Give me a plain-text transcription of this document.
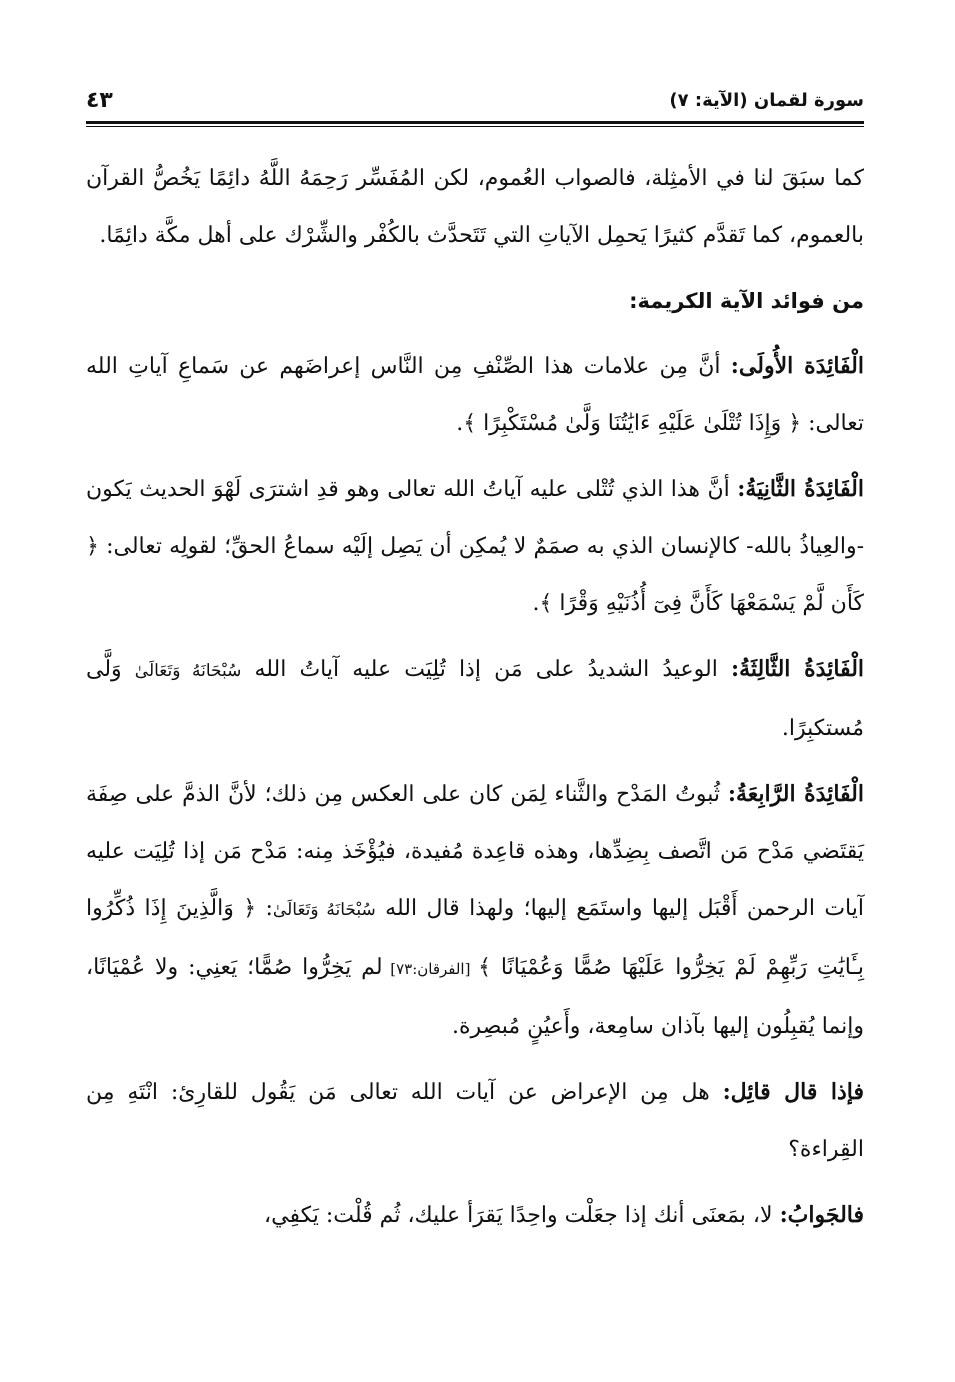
سورة لقمان (الآية: ٧)
٤٣

كما سبَقَ لنا في الأمثِلة، فالصواب العُموم، لكن المُفَسِّر رَحِمَهُ اللَّهُ دائِمًا يَخُصُّ القرآن بالعموم، كما تَقدَّم كثيرًا يَحمِل الآياتِ التي تَتَحدَّث بالكُفْر والشِّرْك على أهل مكَّة دائِمًا.

من فوائد الآية الكريمة:

الْفَائِدَة الأُولَى: أنَّ مِن علامات هذا الصِّنْفِ مِن النَّاس إعراضَهم عن سَماعِ آياتِ الله تعالى: ﴿ وَإِذَا تُتْلَىٰ عَلَيْهِ ءَايَٰتُنَا وَلَّىٰ مُسْتَكْبِرًا ﴾.

الْفَائِدَةُ الثَّانِيَةُ: أنَّ هذا الذي تُتْلى عليه آياتُ الله تعالى وهو قدِ اشترَى لَهْوَ الحديث يَكون -والعِياذُ بالله- كالإنسان الذي به صمَمٌ لا يُمكِن أن يَصِل إلَيْه سماعُ الحقِّ؛ لقولِه تعالى: ﴿ كَأَن لَّمْ يَسْمَعْهَا كَأَنَّ فِىٓ أُذُنَيْهِ وَقْرًا ﴾.

الْفَائِدَةُ الثَّالِثَةُ: الوعيدُ الشديدُ على مَن إذا تُلِيَت عليه آياتُ الله سُبْحَانَهُ وَتَعَالَىٰ وَلَّى مُستكبِرًا.

الْفَائِدَةُ الرَّابِعَةُ: ثُبوتُ المَدْح والثَّناء لِمَن كان على العكس مِن ذلك؛ لأنَّ الذمَّ على صِفَة يَقتَضي مَدْح مَن اتَّصف بِضِدِّها، وهذه قاعِدة مُفيدة، فيُؤْخَذ مِنه: مَدْح مَن إذا تُلِيَت عليه آيات الرحمن أَقْبَل إليها واستَمَع إليها؛ ولهذا قال الله سُبْحَانَهُ وَتَعَالَىٰ: ﴿ وَالَّذِينَ إِذَا ذُكِّرُوا بِـَٔايَٰتِ رَبِّهِمْ لَمْ يَخِرُّوا عَلَيْهَا صُمًّا وَعُمْيَانًا ﴾ [الفرقان:٧٣] لم يَخِرُّوا صُمًّا؛ يَعنِي: ولا عُمْيَانًا، وإنما يُقبِلُون إليها بآذان سامِعة، وأَعيُنٍ مُبصِرة.

فإذا قال قائِل: هل مِن الإعراض عن آيات الله تعالى مَن يَقُول للقارِئ: انْتَهِ مِن القِراءة؟

فالجَوابُ: لا، بمَعنَى أنك إذا جعَلْت واحِدًا يَقرَأ عليك، ثُم قُلْت: يَكفِي،
